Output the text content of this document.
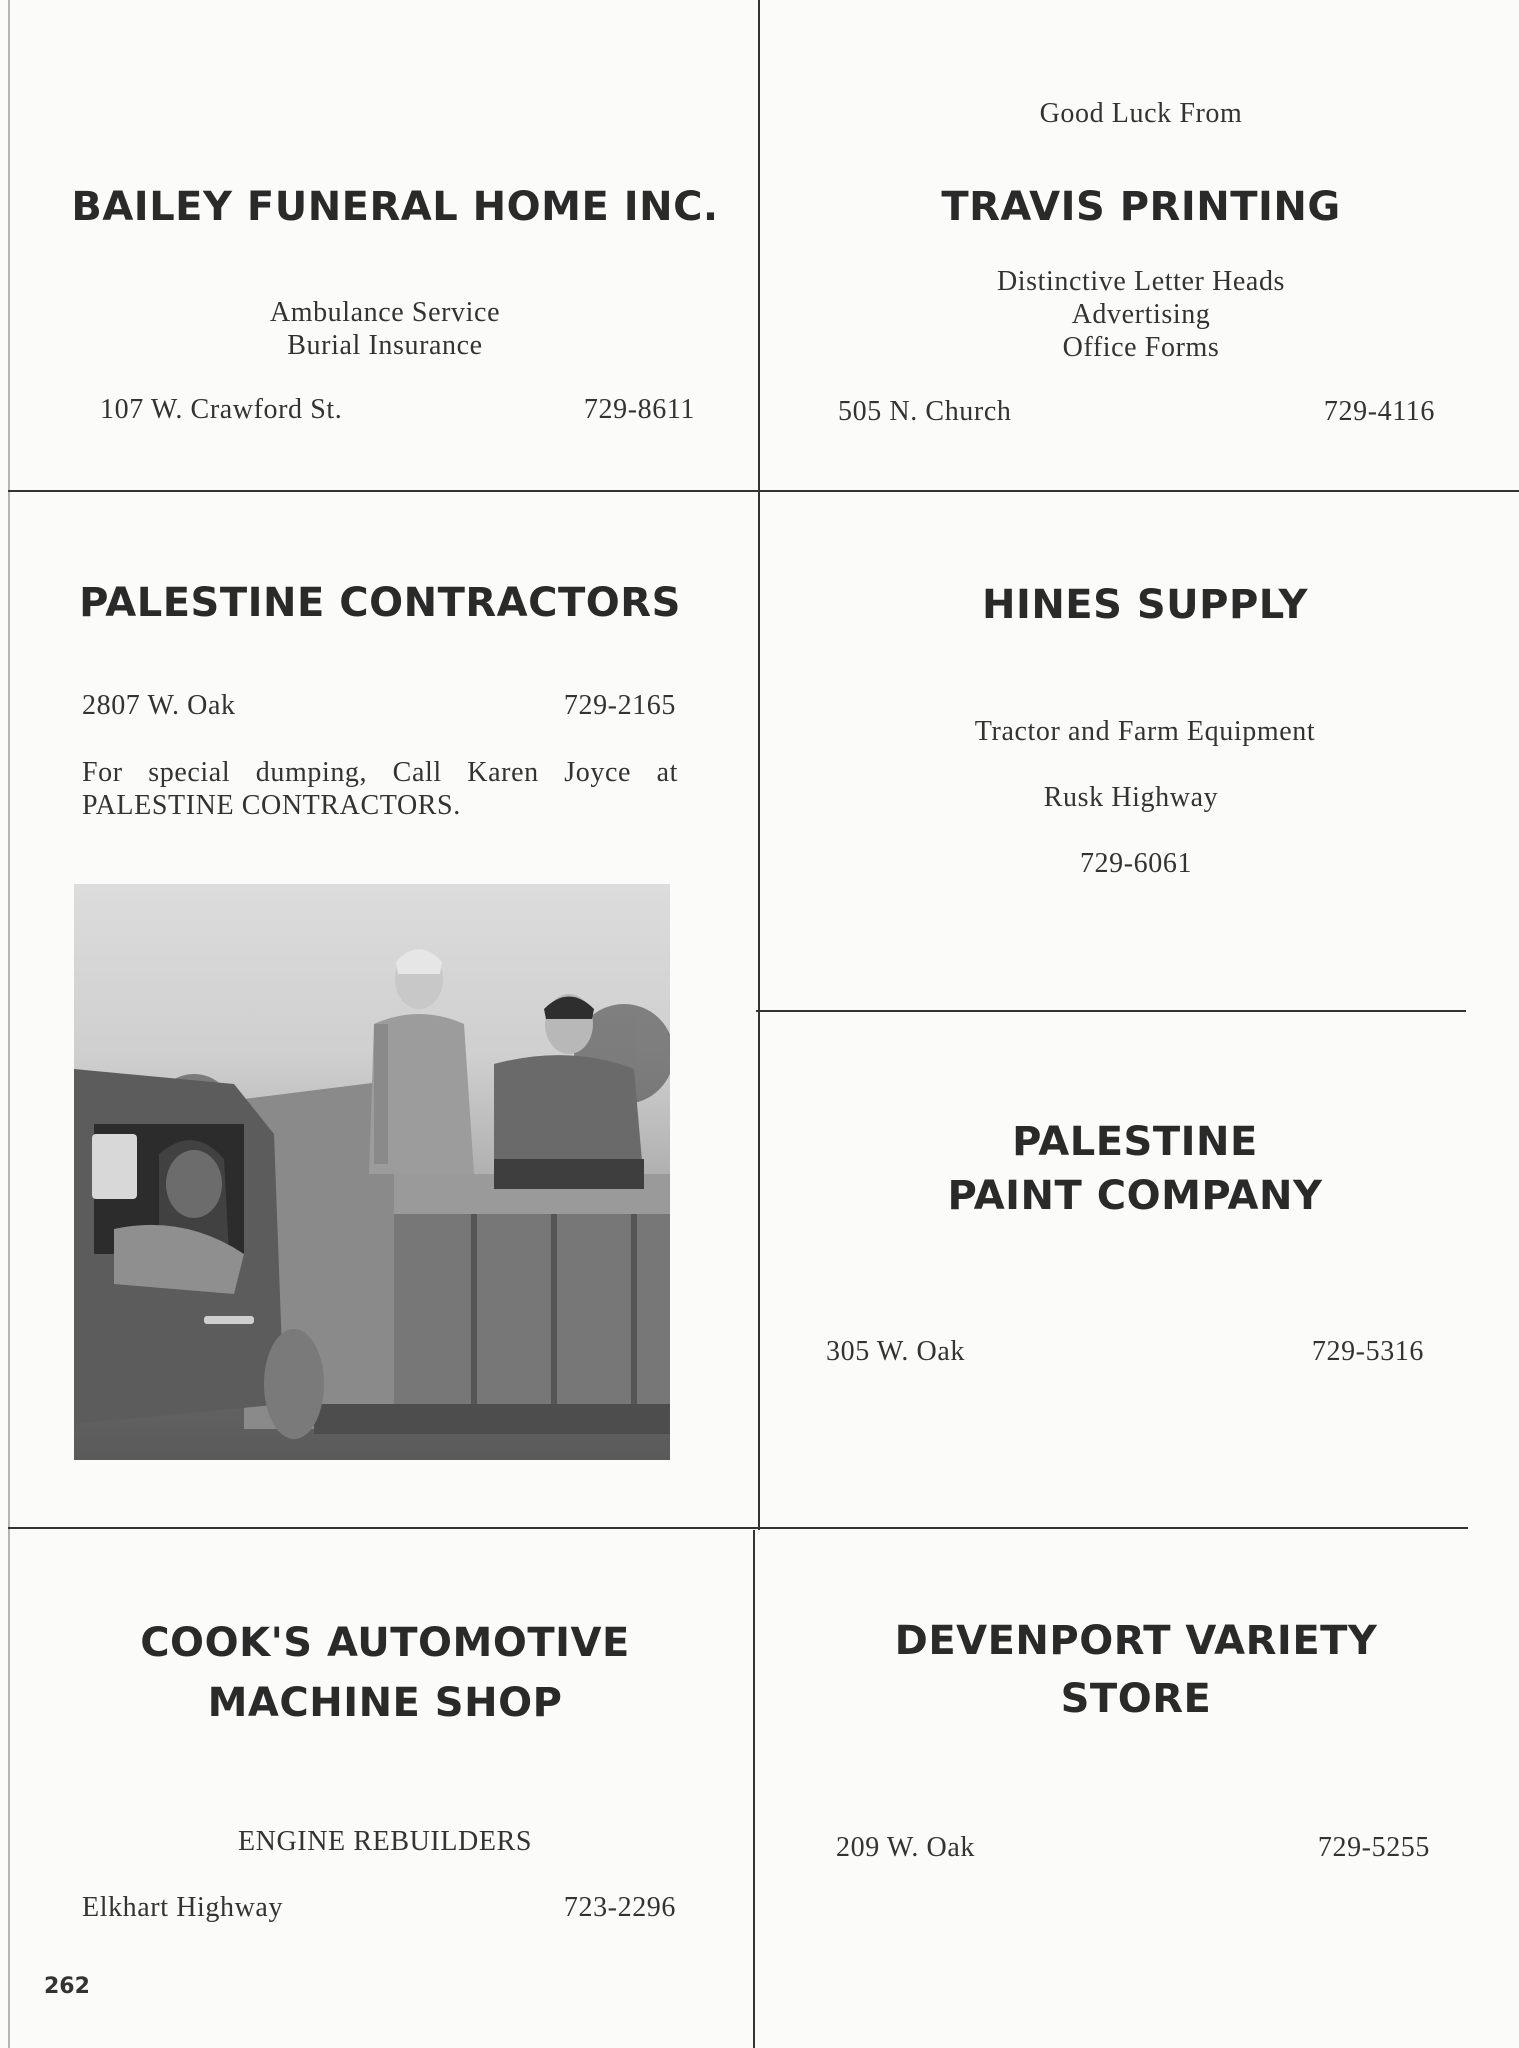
BAILEY FUNERAL HOME INC.
Ambulance Service
Burial Insurance
107 W. Crawford St.	729-8611
Good Luck From
TRAVIS PRINTING
Distinctive Letter Heads
Advertising
Office Forms
505 N. Church	729-4116
PALESTINE CONTRACTORS
2807 W. Oak	729-2165
For special dumping, Call Karen Joyce at
PALESTINE CONTRACTORS.
HINES SUPPLY
Tractor and Farm Equipment
Rusk Highway
729-6061
PALESTINE
PAINT COMPANY
305 W. Oak	729-5316
COOK'S AUTOMOTIVE
MACHINE SHOP
ENGINE REBUILDERS
Elkhart Highway	723-2296
DEVENPORT VARIETY
STORE
209 W. Oak	729-5255
262
